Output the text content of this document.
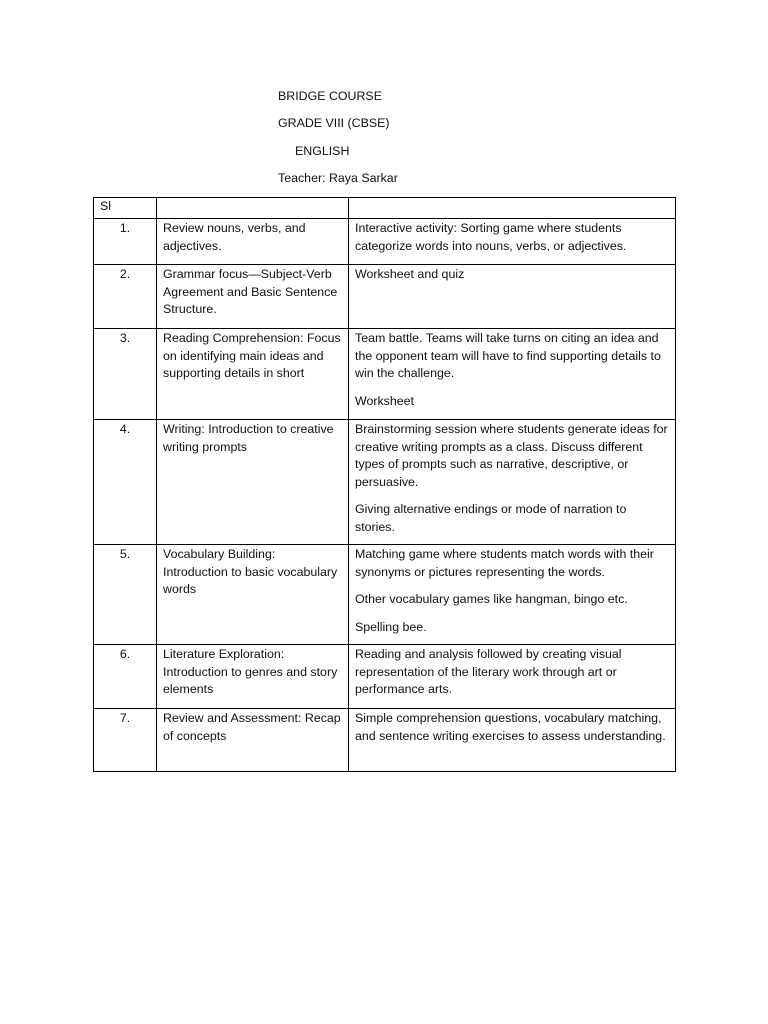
BRIDGE COURSE

GRADE VIII (CBSE)

ENGLISH

Teacher: Raya Sarkar

Sl		
1.	Review nouns, verbs, and adjectives.	Interactive activity: Sorting game where students categorize words into nouns, verbs, or adjectives.

2.	Grammar focus—Subject-Verb Agreement and Basic Sentence Structure.	Worksheet and quiz

3.	Reading Comprehension: Focus on identifying main ideas and supporting details in short	Team battle. Teams will take turns on citing an idea and the opponent team will have to find supporting details to win the challenge.

Worksheet

4.	Writing: Introduction to creative writing prompts	Brainstorming session where students generate ideas for creative writing prompts as a class. Discuss different types of prompts such as narrative, descriptive, or persuasive.

Giving alternative endings or mode of narration to stories.

5.	Vocabulary Building: Introduction to basic vocabulary words	Matching game where students match words with their synonyms or pictures representing the words.

Other vocabulary games like hangman, bingo etc.

Spelling bee.

6.	Literature Exploration: Introduction to genres and story elements	Reading and analysis followed by creating visual representation of the literary work through art or performance arts.

7.	Review and Assessment: Recap of concepts	Simple comprehension questions, vocabulary matching, and sentence writing exercises to assess understanding.
